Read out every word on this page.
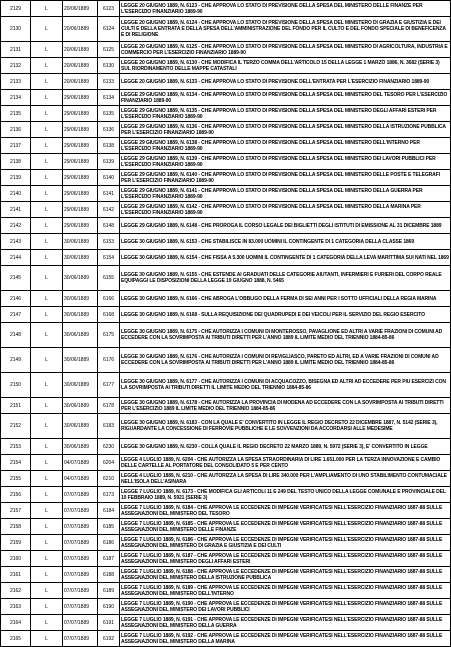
2129	L	20/06/1889	6123	LEGGE 20 GIUGNO 1889, N. 6123 - CHE APPROVA LO STATO DI PREVISIONE DELLA SPESA DEL MINISTERO DELLE FINANZE PER L'ESERCIZIO FINANZIARIO 1889-90
2130	L	20/06/1889	6124	LEGGE 20 GIUGNO 1889, N. 6124 - CHE APPROVA LO STATO DI PREVISIONE DELLA SPESA DEL MINISTERO DI GRAZIA E GIUSTIZIA E DEI CULTI E DELLA ENTRATA E DELLA SPESA DELL'AMMINISTRAZIONE DEL FONDO PER IL CULTO E DEL FONDO SPECIALE DI BENEFICENZA E DI RELIGIONE
2131	L	20/06/1889	6125	LEGGE 20 GIUGNO 1889, N. 6125 - CHE APPROVA LO STATO DI PREVISIONE DELLA SPESA DEL MINISTERO DI AGRICOLTURA, INDUSTRIA E COMMERCIO PER L'ESERCIZIO FINANZIARIO 1889-90
2132	L	20/06/1889	6130	LEGGE 20 GIUGNO 1889, N. 6130 - CHE MODIFICA IL TERZO COMMA DELL'ARTICOLO 15 DELLA LEGGE 1 MARZO 1886, N. 3682 (SERIE 3) SUL RIORDINAMENTO DELLE MAPPE CATASTALI
2133	L	20/06/1889	6133	LEGGE 20 GIUGNO 1889, N. 6133 - CHE APPROVA LO STATO DI PREVISIONE DELL'ENTRATA PER L'ESERCIZIO FINANZIARIO 1889-90
2134	L	29/06/1889	6134	LEGGE 29 GIUGNO 1889, N. 6134 - CHE APPROVA LO STATO DI PREVISIONE DELLA SPESA DEL MINISTERO DEL TESORO PER L'ESERCIZIO FINANZIARIO 1889-90
2135	L	29/06/1889	6135	LEGGE 29 GIUGNO 1889, N. 6135 - CHE APPROVA LO STATO DI PREVISIONE DELLA SPESA DEL MINISTERO DEGLI AFFARI ESTERI PER L'ESERCIZIO FINANZIARIO 1889-90
2136	L	29/06/1889	6136	LEGGE 29 GIUGNO 1889, N. 6136 - CHE APPROVA LO STATO DI PREVISIONE DELLA SPESA DEL MINISTERO DELLA ISTRUZIONE PUBBLICA PER L'ESERCIZIO FINANZIARIO 1889-90
2137	L	29/06/1889	6138	LEGGE 29 GIUGNO 1889, N. 6138 - CHE APPROVA LO STATO DI PREVISIONE DELLA SPESA DEL MINISTERO DELL'INTERNO PER L'ESERCIZIO FINANZIARIO 1889-90
2138	L	29/06/1889	6139	LEGGE 29 GIUGNO 1889, N. 6139 - CHE APPROVA LO STATO DI PREVISIONE DELLA SPESA DEL MINISTERO DEI LAVORI PUBBLICI PER L'ESERCIZIO FINANZIARIO 1889-90
2139	L	29/06/1889	6140	LEGGE 29 GIUGNO 1889, N. 6140 - CHE APPROVA LO STATO DI PREVISIONE DELLA SPESA DEL MINISTERO DELLE POSTE E TELEGRAFI PER L'ESERCIZIO FINANZIARIO 1889-90
2140	L	29/06/1889	6141	LEGGE 29 GIUGNO 1889, N. 6141 - CHE APPROVA LO STATO DI PREVISIONE DELLA SPESA DEL MINISTERO DELLA GUERRA PER L'ESERCIZIO FINANZIARIO 1889-90
2141	L	29/06/1889	6142	LEGGE 29 GIUGNO 1889, N. 6142 - CHE APPROVA LO STATO DI PREVISIONE DELLA SPESA DEL MINISTERO DELLA MARINA PER L'ESERCIZIO FINANZIARIO 1889-90
2142	L	29/06/1889	6148	LEGGE 29 GIUGNO 1889, N. 6148 - CHE PROROGA IL CORSO LEGALE DEI BIGLIETTI DEGLI ISTITUTI DI EMISSIONE AL 31 DICEMBRE 1889
2143	L	30/06/1889	6153	LEGGE 30 GIUGNO 1889, N. 6153 - CHE STABILISCE IN 83.000 UOMINI IL CONTINGENTE DI 1 CATEGORIA DELLA CLASSE 1869
2144	L	30/06/1889	6154	LEGGE 30 GIUGNO 1889, N. 6154 - CHE FISSA A 5.300 UOMINI IL CONTINGENTE DI 1 CATEGORIA DELLA LEVA MARITTIMA SUI NATI NEL 1869
2145	L	30/06/1889	6155	LEGGE 30 GIUGNO 1889, N. 6155 - CHE ESTENDE AI GRADUATI DELLE CATEGORIE AIUTANTI, INFERMIERI E FURIERI DEL CORPO REALE EQUIPAGGI LE DISPOSIZIONI DELLA LEGGE 19 GIUGNO 1888, N. 5465
2146	L	30/06/1889	6166	LEGGE 30 GIUGNO 1889, N. 6166 - CHE ABROGA L'OBBLIGO DELLA FERMA DI SEI ANNI PER I SOTTO UFFICIALI DELLA REGIA MARINA
2147	L	30/06/1889	6168	LEGGE 30 GIUGNO 1889, N. 6168 - SULLA REQUISIZIONE DEI QUADRUPEDI E DEI VEICOLI PER IL SERVIZIO DEL REGIO ESERCITO
2148	L	30/06/1889	6175	LEGGE 30 GIUGNO 1889, N. 6175 - CHE AUTORIZZA I COMUNI DI MONTEROSSO, PAVAGLIONE ED ALTRI A VARIE FRAZIONI DI COMUNI AD ECCEDERE CON LA SOVRIMPOSTA AI TRIBUTI DIRETTI PER L'ANNO 1889 IL LIMITE MEDIO DEL TRIENNIO 1884-85-86
2149	L	30/06/1889	6176	LEGGE 30 GIUGNO 1889, N. 6176 - CHE AUTORIZZA I COMUNI DI REVIGLIASCO, PARETO ED ALTRI, ED A VARIE FRAZIONI DI COMUNI AD ECCEDERE CON LA SOVRIMPOSTA AI TRIBUTI DIRETTI PER L'ANNO 1889 IL LIMITE MEDIO DEL TRIENNIO 1884-85-86
2150	L	30/06/1889	6177	LEGGE 30 GIUGNO 1889, N. 6177 - CHE AUTORIZZA I COMUNI DI ACQUACOZZO, BISEGNA ED ALTRI AD ECCEDERE PER PIU ESERCIZI CON LA SOVRIMPOSTA AI TRIBUTI DIRETTI IL LIMITE MEDIO DEL TRIENNIO 1884-85-86
2151	L	30/06/1889	6178	LEGGE 30 GIUGNO 1889, N. 6178 - CHE AUTORIZZA LA PROVINCIA DI MODENA AD ECCEDERE CON LA SOVRIMPOSTA AI TRIBUTI DIRETTI PER L'ESERCIZIO 1889 IL LIMITE MEDIO DEL TRIENNIO 1884-85-86
2152	L	30/06/1889	6183	LEGGE 30 GIUGNO 1889, N. 6183 - CON LA QUALE E' CONVERTITO IN LEGGE IL REGIO DECRETO 22 DICEMBRE 1887, N. 5142 (SERIE 3), RIGUARDANTE LA CONCESSIONE DI FERROVIE PUBBLICHE E LE SOVVENZIONI DA ACCORDARSI ALLE MEDESIME
2153	L	30/06/1889	6230	LEGGE 30 GIUGNO 1889, N. 6230 - COLLA QUALE IL REGIO DECRETO 22 MARZO 1889, N. 5972 (SERIE 3), E' CONVERTITO IN LEGGE
2154	L	04/07/1889	6204	LEGGE 4 LUGLIO 1889, N. 6204 - CHE AUTORIZZA LA SPESA STRAORDINARIA DI LIRE 1.651.000 PER LA TERZA INNOVAZIONE E CAMBIO DELLE CARTELLE AL PORTATORE DEL CONSOLIDATO 5 E PER CENTO
2155	L	04/07/1889	6210	LEGGE 4 LUGLIO 1889, N. 6210 - CHE AUTORIZZA LA SPESA DI LIRE 340.000 PER L'AMPLIAMENTO DI UNO STABILIMENTO CONTUMACIALE NELL'ISOLA DELL'ASINARA
2156	L	07/07/1889	6173	LEGGE 7 LUGLIO 1889, N. 6173 - CHE MODIFICA GLI ARTICOLI 11 E 249 DEL TESTO UNICO DELLA LEGGE COMUNALE E PROVINCIALE DEL 10 FEBBRAIO 1889, N. 5921 (SERIE 3)
2157	L	07/07/1889	6184	LEGGE 7 LUGLIO 1889, N. 6184 - CHE APPROVA LE ECCEDENZE DI IMPEGNI VERIFICATESI NELL'ESERCIZIO FINANZIARIO 1887-88 SULLE ASSEGNAZIONI DEL MINISTERO DEL TESORO
2158	L	07/07/1889	6185	LEGGE 7 LUGLIO 1889, N. 6185 - CHE APPROVA LE ECCEDENZE DI IMPEGNI VERIFICATESI NELL'ESERCIZIO FINANZIARIO 1887-88 SULLE ASSEGNAZIONI DEL MINISTERO DELLE FINANZE
2159	L	07/07/1889	6186	LEGGE 7 LUGLIO 1889, N. 6186 - CHE APPROVA LE ECCEDENZE DI IMPEGNI VERIFICATESI NELL'ESERCIZIO FINANZIARIO 1887-88 SULLE ASSEGNAZIONI DEL MINISTERO DI GRAZIA E GIUSTIZIA E DEI CULTI
2160	L	07/07/1889	6187	LEGGE 7 LUGLIO 1889, N. 6187 - CHE APPROVA LE ECCEDENZE DI IMPEGNI VERIFICATESI NELL'ESERCIZIO FINANZIARIO 1887-88 SULLE ASSEGNAZIONI DEL MINISTERO DEGLI AFFARI ESTERI
2161	L	07/07/1889	6188	LEGGE 7 LUGLIO 1889, N. 6188 - CHE APPROVA LE ECCEDENZE DI IMPEGNI VERIFICATESI NELL'ESERCIZIO FINANZIARIO 1887-88 SULLE ASSEGNAZIONI DEL MINISTERO DELLA ISTRUZIONE PUBBLICA
2162	L	07/07/1889	6189	LEGGE 7 LUGLIO 1889, N. 6189 - CHE APPROVA LE ECCEDENZE DI IMPEGNI VERIFICATESI NELL'ESERCIZIO FINANZIARIO 1887-88 SULLE ASSEGNAZIONI DEL MINISTERO DELL'INTERNO
2163	L	07/07/1889	6190	LEGGE 7 LUGLIO 1889, N. 6190 - CHE APPROVA LE ECCEDENZE DI IMPEGNI VERIFICATESI NELL'ESERCIZIO FINANZIARIO 1887-88 SULLE ASSEGNAZIONI DEL MINISTERO DEI LAVORI PUBBLICI
2164	L	07/07/1889	6191	LEGGE 7 LUGLIO 1889, N. 6191 - CHE APPROVA LE ECCEDENZE DI IMPEGNI VERIFICATESI NELL'ESERCIZIO FINANZIARIO 1887-88 SULLE ASSEGNAZIONI DEL MINISTERO DELLA GUERRA
2165	L	07/07/1889	6192	LEGGE 7 LUGLIO 1889, N. 6192 - CHE APPROVA LE ECCEDENZE DI IMPEGNI VERIFICATESI NELL'ESERCIZIO FINANZIARIO 1887-88 SULLE ASSEGNAZIONI DEL MINISTERO DELLA MARINA
